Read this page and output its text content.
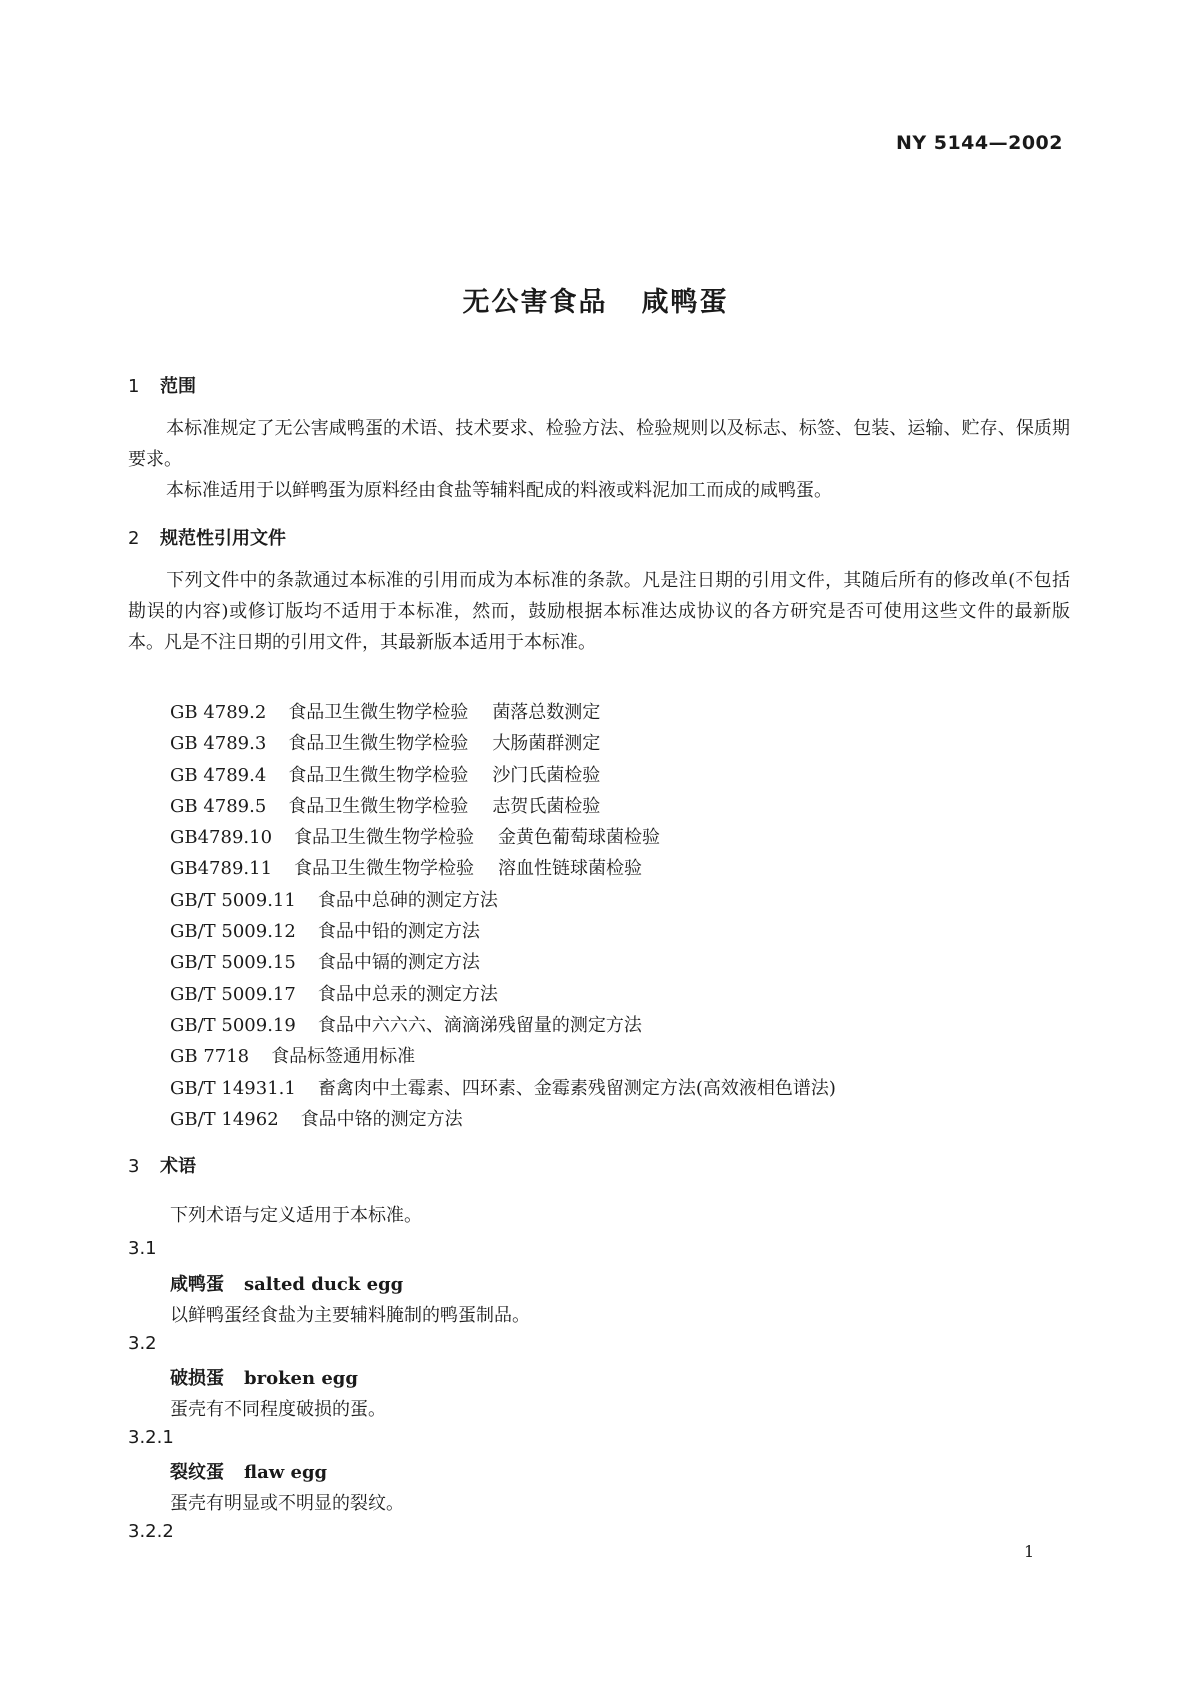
NY 5144—2002
无公害食品 咸鸭蛋
1 范围
本标准规定了无公害咸鸭蛋的术语、技术要求、检验方法、检验规则以及标志、标签、包装、运输、贮存、保质期要求。
本标准适用于以鲜鸭蛋为原料经由食盐等辅料配成的料液或料泥加工而成的咸鸭蛋。
2 规范性引用文件
下列文件中的条款通过本标准的引用而成为本标准的条款。凡是注日期的引用文件，其随后所有的修改单(不包括勘误的内容)或修订版均不适用于本标准，然而，鼓励根据本标准达成协议的各方研究是否可使用这些文件的最新版本。凡是不注日期的引用文件，其最新版本适用于本标准。
GB 4789.2 食品卫生微生物学检验 菌落总数测定
GB 4789.3 食品卫生微生物学检验 大肠菌群测定
GB 4789.4 食品卫生微生物学检验 沙门氏菌检验
GB 4789.5 食品卫生微生物学检验 志贺氏菌检验
GB4789.10 食品卫生微生物学检验 金黄色葡萄球菌检验
GB4789.11 食品卫生微生物学检验 溶血性链球菌检验
GB/T 5009.11 食品中总砷的测定方法
GB/T 5009.12 食品中铅的测定方法
GB/T 5009.15 食品中镉的测定方法
GB/T 5009.17 食品中总汞的测定方法
GB/T 5009.19 食品中六六六、滴滴涕残留量的测定方法
GB 7718 食品标签通用标准
GB/T 14931.1 畜禽肉中土霉素、四环素、金霉素残留测定方法(高效液相色谱法)
GB/T 14962 食品中铬的测定方法
3 术语
下列术语与定义适用于本标准。
3.1
咸鸭蛋 salted duck egg
以鲜鸭蛋经食盐为主要辅料腌制的鸭蛋制品。
3.2
破损蛋 broken egg
蛋壳有不同程度破损的蛋。
3.2.1
裂纹蛋 flaw egg
蛋壳有明显或不明显的裂纹。
3.2.2
1
